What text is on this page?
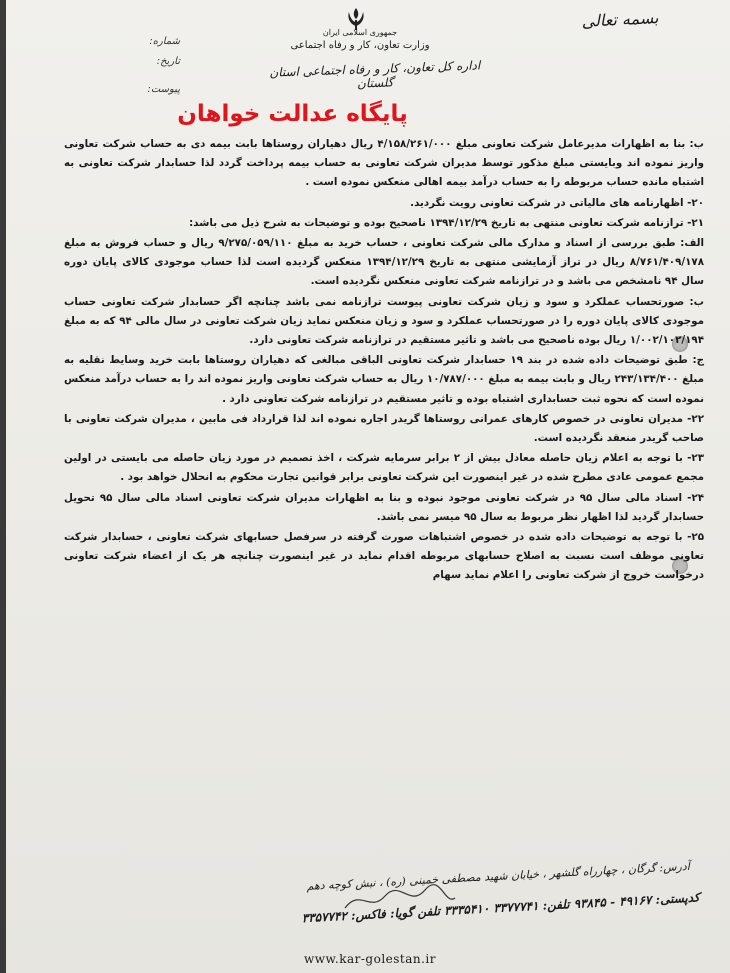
بسمه تعالی
جمهوری اسلامی ایران
وزارت تعاون، کار و رفاه اجتماعی
اداره کل تعاون، کار و رفاه اجتماعی استان گلستان
شماره:
تاریخ:
پیوست:
پایگاه عدالت خواهان

ب: بنا به اظهارات مدیرعامل شرکت تعاونی مبلغ ۴/۱۵۸/۲۶۱/۰۰۰ ریال دهیاران روستاها بابت بیمه دی به حساب شرکت تعاونی واریز نموده اند وبایستی مبلغ مذکور توسط مدیران شرکت تعاونی به حساب بیمه پرداخت گردد لذا حسابدار شرکت تعاونی به اشتباه مانده حساب مربوطه را به حساب درآمد بیمه اهالی منعکس نموده است .

۲۰- اظهارنامه های مالیاتی در شرکت تعاونی رویت نگردید.

۲۱- ترازنامه شرکت تعاونی منتهی به تاریخ ۱۳۹۴/۱۲/۲۹ ناصحیح بوده و توضیحات به شرح ذیل می باشد:

الف: طبق بررسی از اسناد و مدارک مالی شرکت تعاونی ، حساب خرید به مبلغ ۹/۲۷۵/۰۵۹/۱۱۰ ریال و حساب فروش به مبلغ ۸/۷۶۱/۴۰۹/۱۷۸ ریال در تراز آزمایشی منتهی به تاریخ ۱۳۹۴/۱۲/۲۹ منعکس گردیده است لذا حساب موجودی کالای پایان دوره سال ۹۴ نامشخص می باشد و در ترازنامه شرکت تعاونی منعکس نگردیده است.

ب: صورتحساب عملکرد و سود و زیان شرکت تعاونی پیوست ترازنامه نمی باشد چنانچه اگر حسابدار شرکت تعاونی حساب موجودی کالای پایان دوره را در صورتحساب عملکرد و سود و زیان منعکس نماید زیان شرکت تعاونی در سال مالی ۹۴ که به مبلغ ۱/۰۰۲/۱۰۲/۱۹۴ ریال بوده ناصحیح می باشد و تاثیر مستقیم در ترازنامه شرکت تعاونی دارد.

ج: طبق توضیحات داده شده در بند ۱۹ حسابدار شرکت تعاونی الباقی مبالغی که دهیاران روستاها بابت خرید وسایط نقلیه به مبلغ ۲۴۳/۱۳۴/۴۰۰ ریال و بابت بیمه به مبلغ ۱۰/۷۸۷/۰۰۰ ریال به حساب شرکت تعاونی واریز نموده اند را به حساب درآمد منعکس نموده است که نحوه ثبت حسابداری اشتباه بوده و تاثیر مستقیم در ترازنامه شرکت تعاونی دارد .

۲۲- مدیران تعاونی در خصوص کارهای عمرانی روستاها گریدر اجاره نموده اند لذا قرارداد فی مابین ، مدیران شرکت تعاونی با صاحب گریدر منعقد نگردیده است.

۲۳- با توجه به اعلام زیان حاصله معادل بیش از ۲ برابر سرمایه شرکت ، اخذ تصمیم در مورد زیان حاصله می بایستی در اولین مجمع عمومی عادی مطرح شده در غیر اینصورت این شرکت تعاونی برابر قوانین تجارت محکوم به انحلال خواهد بود .

۲۴- اسناد مالی سال ۹۵ در شرکت تعاونی موجود نبوده و بنا به اظهارات مدیران شرکت تعاونی اسناد مالی سال ۹۵ تحویل حسابدار گردید لذا اظهار نظر مربوط به سال ۹۵ میسر نمی باشد.

۲۵- با توجه به توضیحات داده شده در خصوص اشتباهات صورت گرفته در سرفصل حسابهای شرکت تعاونی ، حسابدار شرکت تعاونی موظف است نسبت به اصلاح حسابهای مربوطه اقدام نماید در غیر اینصورت چنانچه هر یک از اعضاء شرکت تعاونی درخواست خروج از شرکت تعاونی را اعلام نماید سهام

آدرس: گرگان ، چهارراه گلشهر ، خیابان شهید مصطفی خمینی (ره) ، نبش کوچه دهم
کدپستی: ۴۹۱۶۷ - ۹۳۸۴۵ تلفن: ۳۳۷۷۷۴۱ ۳۳۳۵۴۱۰ تلفن گویا: فاکس: ۳۳۵۷۷۴۲
www.kar-golestan.ir
